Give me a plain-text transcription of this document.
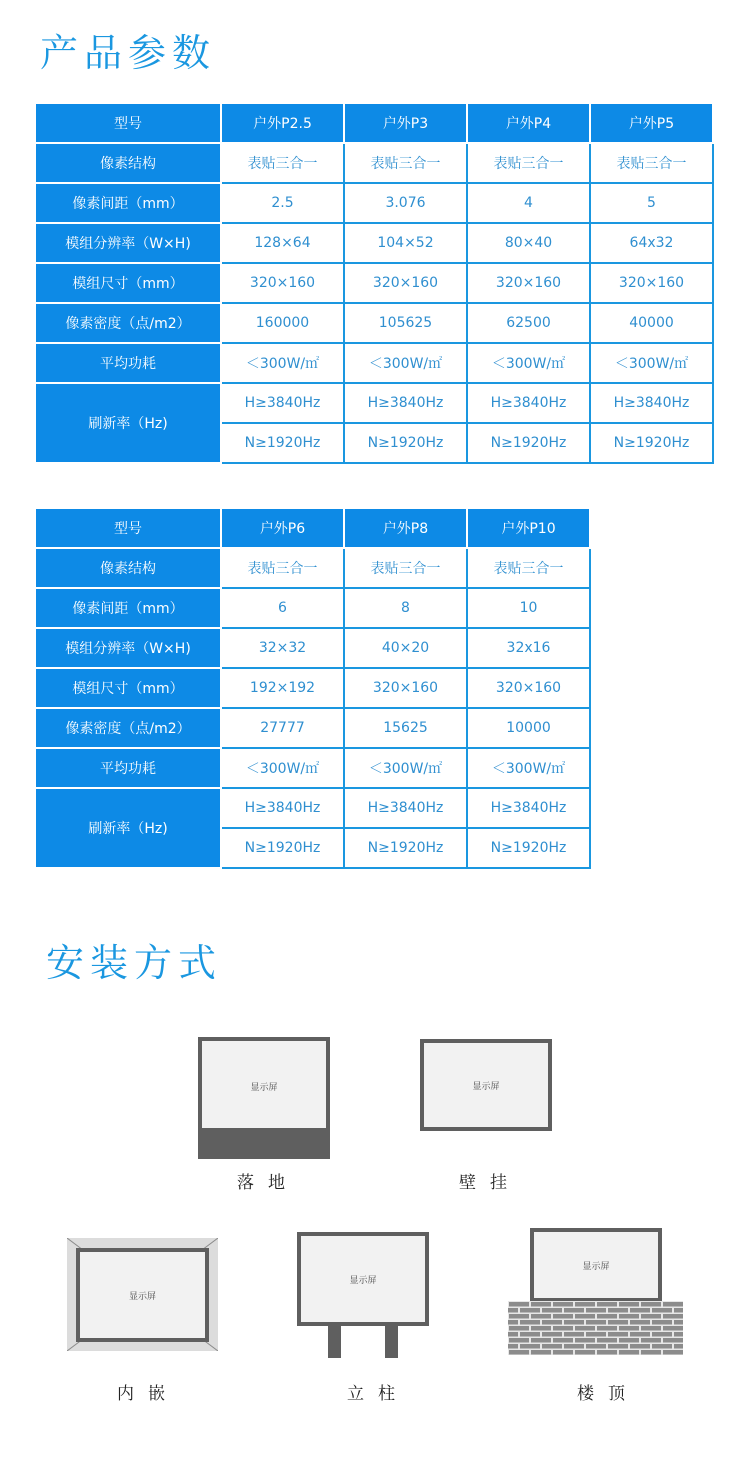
产品参数
型号	户外P2.5	户外P3	户外P4	户外P5
像素结构	表贴三合一	表贴三合一	表贴三合一	表贴三合一
像素间距（mm）	2.5	3.076	4	5
模组分辨率（W×H)	128×64	104×52	80×40	64x32
模组尺寸（mm）	320×160	320×160	320×160	320×160
像素密度（点/m2）	160000	105625	62500	40000
平均功耗	＜300W/㎡	＜300W/㎡	＜300W/㎡	＜300W/㎡
刷新率（Hz)	H≥3840Hz	H≥3840Hz	H≥3840Hz	H≥3840Hz
	N≥1920Hz	N≥1920Hz	N≥1920Hz	N≥1920Hz
型号	户外P6	户外P8	户外P10
像素结构	表贴三合一	表贴三合一	表贴三合一
像素间距（mm）	6	8	10
模组分辨率（W×H)	32×32	40×20	32x16
模组尺寸（mm）	192×192	320×160	320×160
像素密度（点/m2）	27777	15625	10000
平均功耗	＜300W/㎡	＜300W/㎡	＜300W/㎡
刷新率（Hz)	H≥3840Hz	H≥3840Hz	H≥3840Hz
	N≥1920Hz	N≥1920Hz	N≥1920Hz
安装方式
显示屏
落地
显示屏
壁挂
显示屏
内嵌
显示屏
立柱
显示屏
楼顶
